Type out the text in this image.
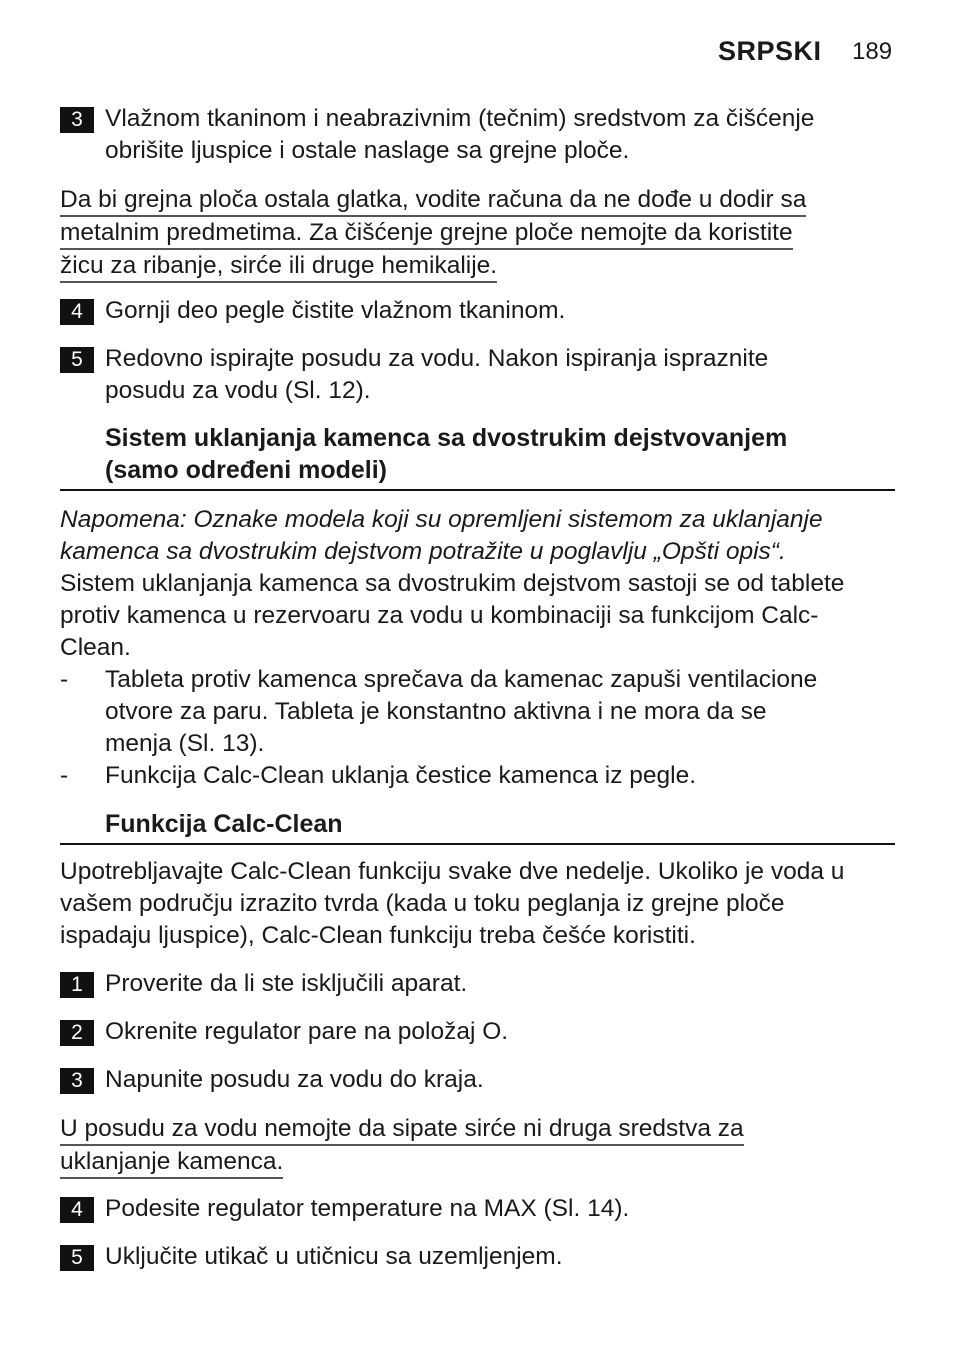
SRPSKI 189
3 Vlažnom tkaninom i neabrazivnim (tečnim) sredstvom za čišćenje
obrišite ljuspice i ostale naslage sa grejne ploče.
Da bi grejna ploča ostala glatka, vodite računa da ne dođe u dodir sa
metalnim predmetima. Za čišćenje grejne ploče nemojte da koristite
žicu za ribanje, sirće ili druge hemikalije.
4 Gornji deo pegle čistite vlažnom tkaninom.
5 Redovno ispirajte posudu za vodu. Nakon ispiranja ispraznite
posudu za vodu (Sl. 12).
Sistem uklanjanja kamenca sa dvostrukim dejstvovanjem
(samo određeni modeli)
Napomena: Oznake modela koji su opremljeni sistemom za uklanjanje
kamenca sa dvostrukim dejstvom potražite u poglavlju „Opšti opis“.
Sistem uklanjanja kamenca sa dvostrukim dejstvom sastoji se od tablete
protiv kamenca u rezervoaru za vodu u kombinaciji sa funkcijom Calc-
Clean.
- Tableta protiv kamenca sprečava da kamenac zapuši ventilacione
otvore za paru. Tableta je konstantno aktivna i ne mora da se
menja (Sl. 13).
- Funkcija Calc-Clean uklanja čestice kamenca iz pegle.
Funkcija Calc-Clean
Upotrebljavajte Calc-Clean funkciju svake dve nedelje. Ukoliko je voda u
vašem području izrazito tvrda (kada u toku peglanja iz grejne ploče
ispadaju ljuspice), Calc-Clean funkciju treba češće koristiti.
1 Proverite da li ste isključili aparat.
2 Okrenite regulator pare na položaj O.
3 Napunite posudu za vodu do kraja.
U posudu za vodu nemojte da sipate sirće ni druga sredstva za
uklanjanje kamenca.
4 Podesite regulator temperature na MAX (Sl. 14).
5 Uključite utikač u utičnicu sa uzemljenjem.
